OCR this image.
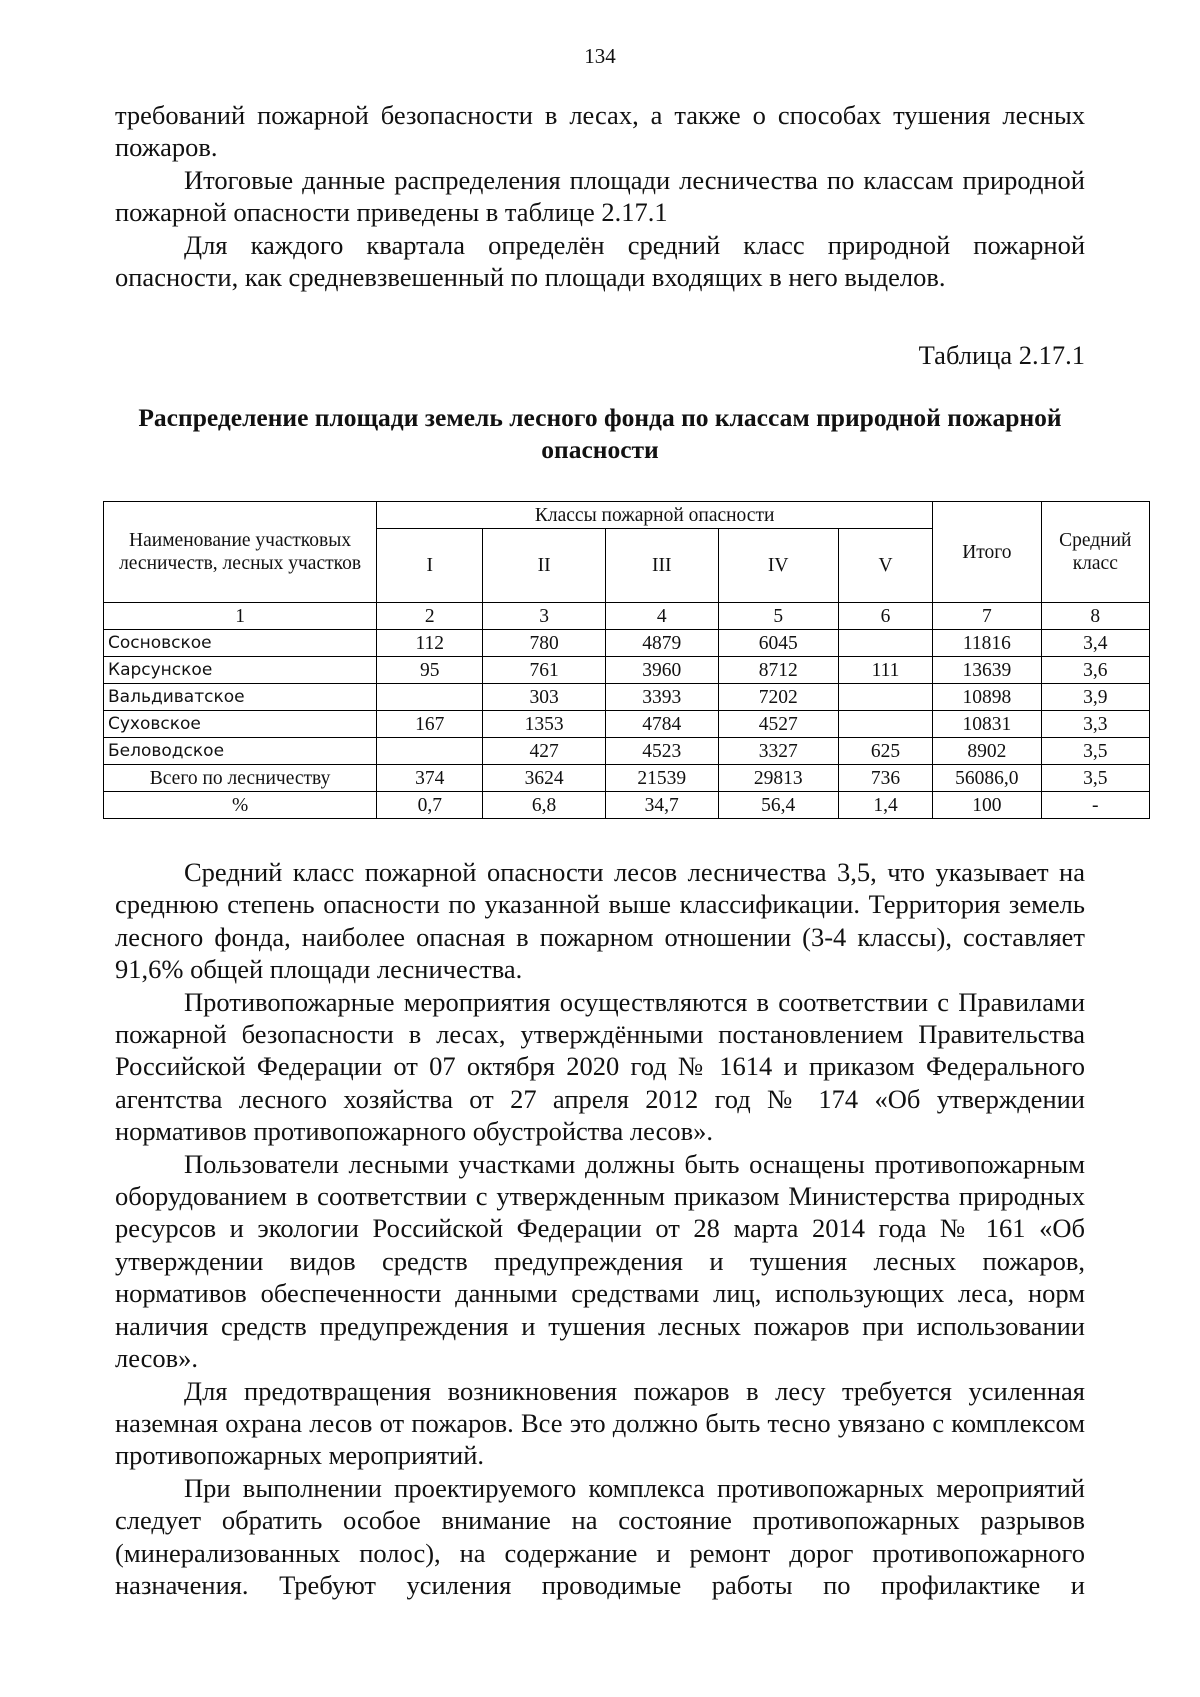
134

требований пожарной безопасности в лесах, а также о способах тушения лесных пожаров.

Итоговые данные распределения площади лесничества по классам природной пожарной опасности приведены в таблице 2.17.1

Для каждого квартала определён средний класс природной пожарной опасности, как средневзвешенный по площади входящих в него выделов.

Таблица 2.17.1
Распределение площади земель лесного фонда по классам природной пожарной опасности
Наименование участковых лесничеств, лесных участков	Классы пожарной опасности					Итого	Средний класс
	I	II	III	IV	V		
1	2	3	4	5	6	7	8
Сосновское	112	780	4879	6045		11816	3,4
Карсунское	95	761	3960	8712	111	13639	3,6
Вальдиватское		303	3393	7202		10898	3,9
Суховское	167	1353	4784	4527		10831	3,3
Беловодское		427	4523	3327	625	8902	3,5
Всего по лесничеству	374	3624	21539	29813	736	56086,0	3,5
%	0,7	6,8	34,7	56,4	1,4	100	-

Средний класс пожарной опасности лесов лесничества 3,5, что указывает на среднюю степень опасности по указанной выше классификации. Территория земель лесного фонда, наиболее опасная в пожарном отношении (3-4 классы), составляет 91,6% общей площади лесничества.

Противопожарные мероприятия осуществляются в соответствии с Правилами пожарной безопасности в лесах, утверждёнными постановлением Правительства Российской Федерации от 07 октября 2020 год № 1614 и приказом Федерального агентства лесного хозяйства от 27 апреля 2012 год № 174 «Об утверждении нормативов противопожарного обустройства лесов».

Пользователи лесными участками должны быть оснащены противопожарным оборудованием в соответствии с утвержденным приказом Министерства природных ресурсов и экологии Российской Федерации от 28 марта 2014 года № 161 «Об утверждении видов средств предупреждения и тушения лесных пожаров, нормативов обеспеченности данными средствами лиц, использующих леса, норм наличия средств предупреждения и тушения лесных пожаров при использовании лесов».

Для предотвращения возникновения пожаров в лесу требуется усиленная наземная охрана лесов от пожаров. Все это должно быть тесно увязано с комплексом противопожарных мероприятий.

При выполнении проектируемого комплекса противопожарных мероприятий следует обратить особое внимание на состояние противопожарных разрывов (минерализованных полос), на содержание и ремонт дорог противопожарного назначения. Требуют усиления проводимые работы по профилактике и
